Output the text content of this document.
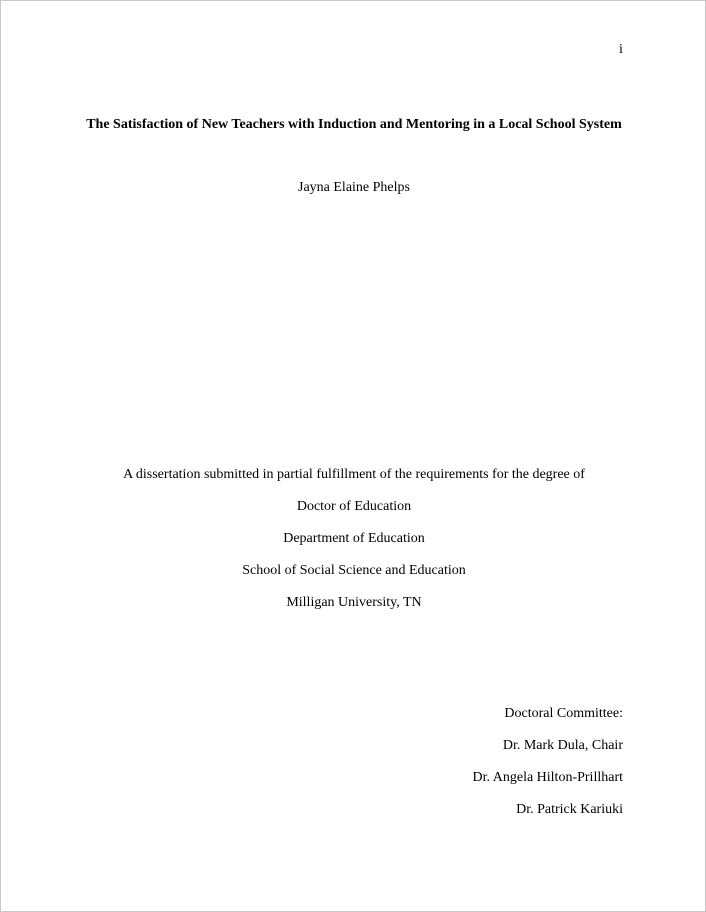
i
The Satisfaction of New Teachers with Induction and Mentoring in a Local School System
Jayna Elaine Phelps
A dissertation submitted in partial fulfillment of the requirements for the degree of
Doctor of Education
Department of Education
School of Social Science and Education
Milligan University, TN
Doctoral Committee:
Dr. Mark Dula, Chair
Dr. Angela Hilton-Prillhart
Dr. Patrick Kariuki
